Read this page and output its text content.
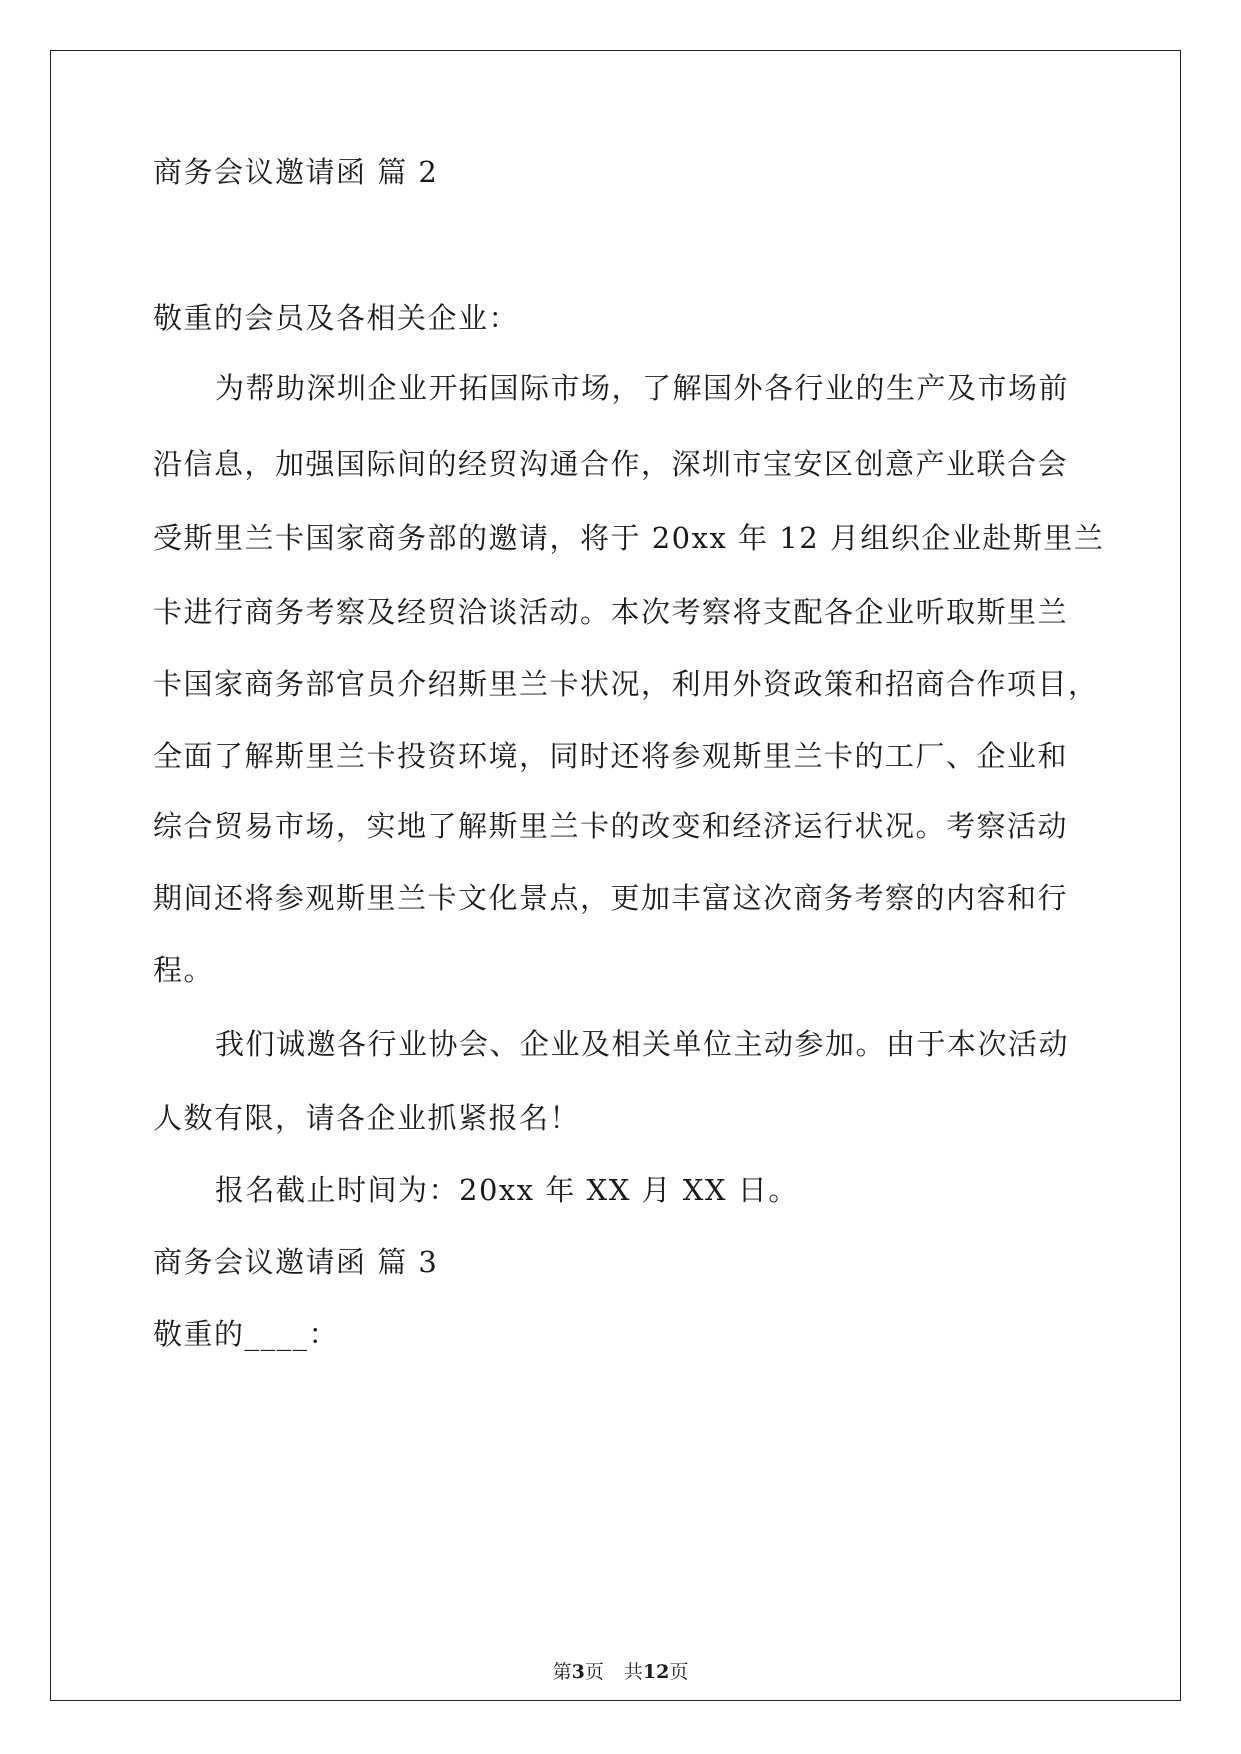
商务会议邀请函 篇 2
敬重的会员及各相关企业：
为帮助深圳企业开拓国际市场，了解国外各行业的生产及市场前
沿信息，加强国际间的经贸沟通合作，深圳市宝安区创意产业联合会
受斯里兰卡国家商务部的邀请，将于 20xx 年 12 月组织企业赴斯里兰
卡进行商务考察及经贸洽谈活动。本次考察将支配各企业听取斯里兰
卡国家商务部官员介绍斯里兰卡状况，利用外资政策和招商合作项目，
全面了解斯里兰卡投资环境，同时还将参观斯里兰卡的工厂、企业和
综合贸易市场，实地了解斯里兰卡的改变和经济运行状况。考察活动
期间还将参观斯里兰卡文化景点，更加丰富这次商务考察的内容和行
程。
我们诚邀各行业协会、企业及相关单位主动参加。由于本次活动
人数有限，请各企业抓紧报名！
报名截止时间为：20xx 年 XX 月 XX 日。
商务会议邀请函 篇 3
敬重的____：
第3页 共12页
